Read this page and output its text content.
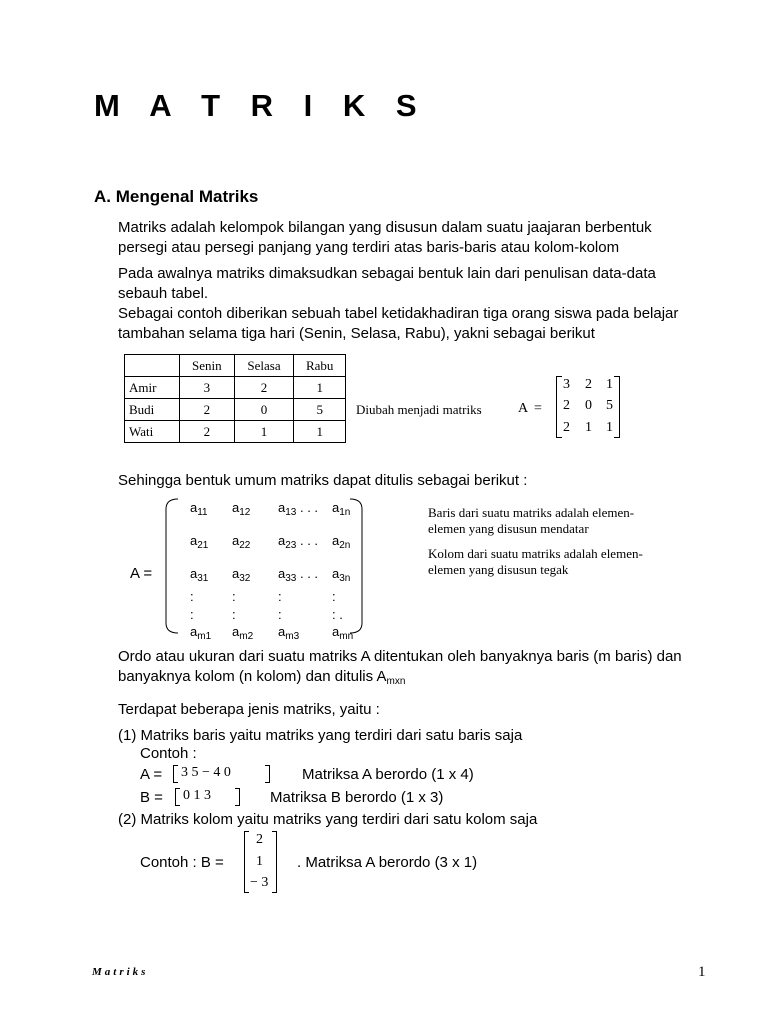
M A T R I K S
A. Mengenal Matriks
Matriks adalah kelompok bilangan yang disusun dalam suatu jaajaran berbentuk
persegi atau persegi panjang yang terdiri atas baris-baris atau kolom-kolom
Pada awalnya matriks dimaksudkan sebagai bentuk lain dari penulisan data-data
sebauh tabel.
Sebagai contoh diberikan sebuah tabel ketidakhadiran tiga orang siswa pada belajar
tambahan selama tiga hari (Senin, Selasa, Rabu), yakni sebagai berikut
	Senin	Selasa	Rabu
Amir	3	2	1
Budi	2	0	5
Wati	2	1	1
Diubah menjadi matriks	A =
3 2 1
2 0 5
2 1 1
Sehingga bentuk umum matriks dapat ditulis sebagai berikut :
A =
$a_{11}$ $a_{12}$ $a_{13}$ . . . $a_{1n}$
$a_{21}$ $a_{22}$ $a_{23}$ . . . $a_{2n}$
$a_{31}$ $a_{32}$ $a_{33}$ . . . $a_{3n}$
:	:	:	:
:	:	:	: .
$a_{m1}$ $a_{m2}$ $a_{m3}$	$a_{mn}$
Baris dari suatu matriks adalah elemen-
elemen yang disusun mendatar
Kolom dari suatu matriks adalah elemen-
elemen yang disusun tegak
Ordo atau ukuran dari suatu matriks A ditentukan oleh banyaknya baris (m baris) dan
banyaknya kolom (n kolom) dan ditulis $A_{mxn}$
Terdapat beberapa jenis matriks, yaitu :
(1) Matriks baris yaitu matriks yang terdiri dari satu baris saja
Contoh :
A = 3 5 − 4 0	Matriksa A berordo (1 x 4)
B = 0 1 3	Matriksa B berordo (1 x 3)
(2) Matriks kolom yaitu matriks yang terdiri dari satu kolom saja
Contoh : B =
2
1
− 3
. Matriksa A berordo (3 x 1)
Matriks	1
